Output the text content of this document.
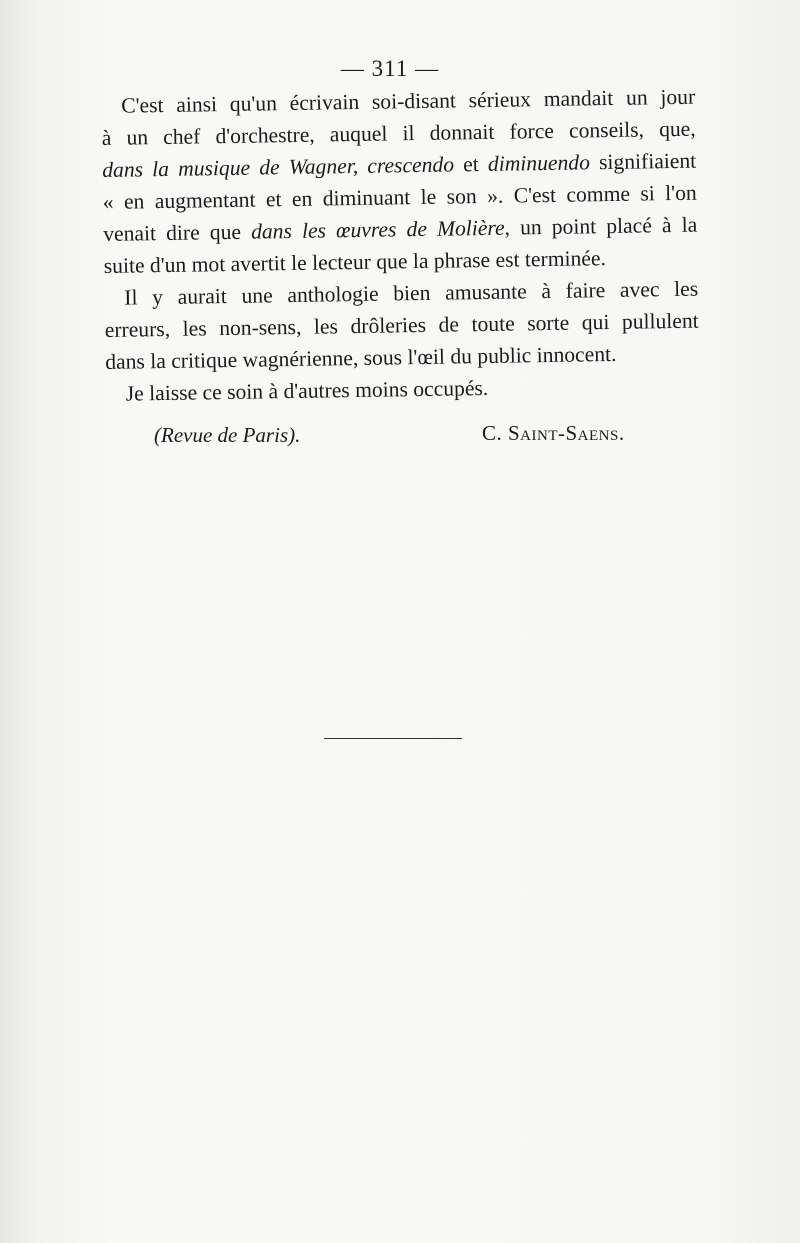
— 311 —

C'est ainsi qu'un écrivain soi-disant sérieux mandait un jour

à un chef d'orchestre, auquel il donnait force conseils, que,

dans la musique de Wagner, crescendo et diminuendo signifiaient

« en augmentant et en diminuant le son ». C'est comme si l'on

venait dire que dans les œuvres de Molière, un point placé à la

suite d'un mot avertit le lecteur que la phrase est terminée.

Il y aurait une anthologie bien amusante à faire avec les

erreurs, les non-sens, les drôleries de toute sorte qui pullulent

dans la critique wagnérienne, sous l'œil du public innocent.

Je laisse ce soin à d'autres moins occupés.

(Revue de Paris).	C. Saint-Saens.
